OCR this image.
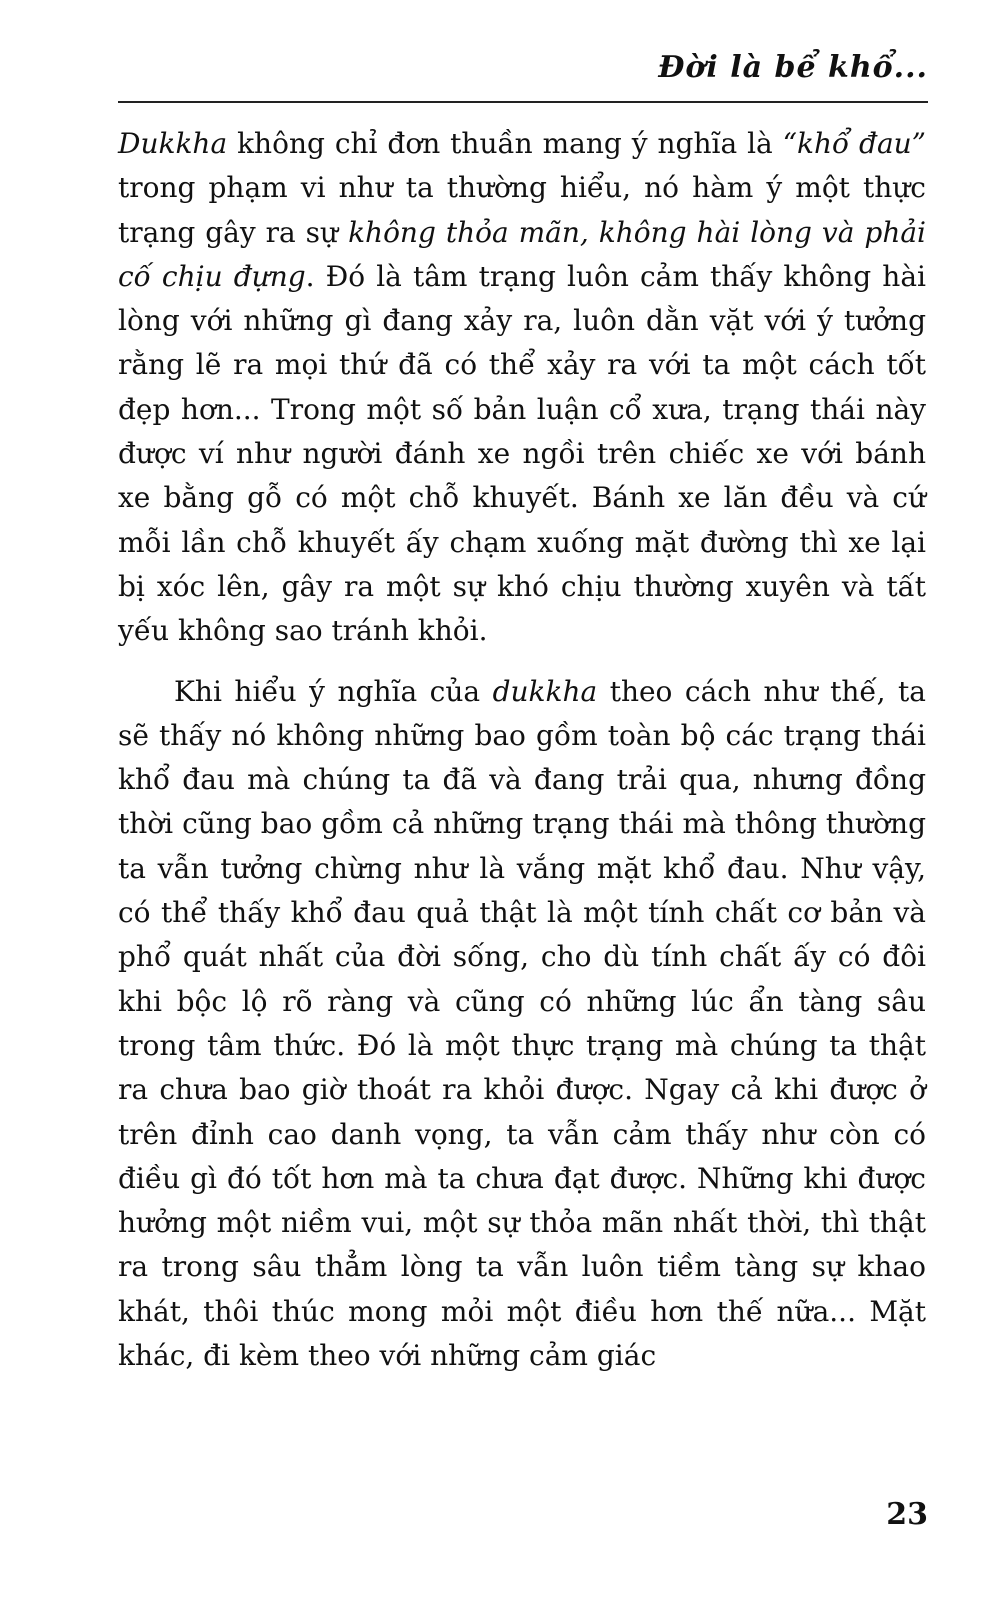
Đời là bể khổ...

Dukkha không chỉ đơn thuần mang ý nghĩa là “khổ đau” trong phạm vi như ta thường hiểu, nó hàm ý một thực trạng gây ra sự không thỏa mãn, không hài lòng và phải cố chịu đựng. Đó là tâm trạng luôn cảm thấy không hài lòng với những gì đang xảy ra, luôn dằn vặt với ý tưởng rằng lẽ ra mọi thứ đã có thể xảy ra với ta một cách tốt đẹp hơn... Trong một số bản luận cổ xưa, trạng thái này được ví như người đánh xe ngồi trên chiếc xe với bánh xe bằng gỗ có một chỗ khuyết. Bánh xe lăn đều và cứ mỗi lần chỗ khuyết ấy chạm xuống mặt đường thì xe lại bị xóc lên, gây ra một sự khó chịu thường xuyên và tất yếu không sao tránh khỏi.

Khi hiểu ý nghĩa của dukkha theo cách như thế, ta sẽ thấy nó không những bao gồm toàn bộ các trạng thái khổ đau mà chúng ta đã và đang trải qua, nhưng đồng thời cũng bao gồm cả những trạng thái mà thông thường ta vẫn tưởng chừng như là vắng mặt khổ đau. Như vậy, có thể thấy khổ đau quả thật là một tính chất cơ bản và phổ quát nhất của đời sống, cho dù tính chất ấy có đôi khi bộc lộ rõ ràng và cũng có những lúc ẩn tàng sâu trong tâm thức. Đó là một thực trạng mà chúng ta thật ra chưa bao giờ thoát ra khỏi được. Ngay cả khi được ở trên đỉnh cao danh vọng, ta vẫn cảm thấy như còn có điều gì đó tốt hơn mà ta chưa đạt được. Những khi được hưởng một niềm vui, một sự thỏa mãn nhất thời, thì thật ra trong sâu thẳm lòng ta vẫn luôn tiềm tàng sự khao khát, thôi thúc mong mỏi một điều hơn thế nữa... Mặt khác, đi kèm theo với những cảm giác

23
